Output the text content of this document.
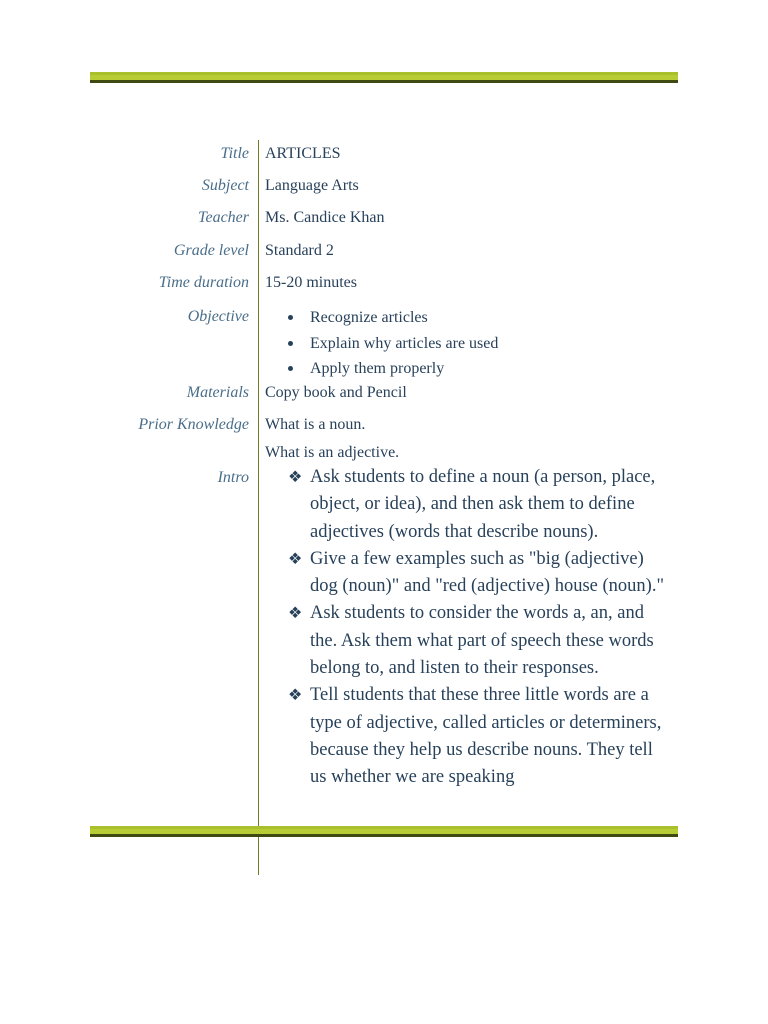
Title
Subject
Teacher
Grade level
Time duration
Objective
Materials
Prior Knowledge
Intro
ARTICLES
Language Arts
Ms. Candice Khan
Standard 2
15-20 minutes
Recognize articles
Explain why articles are used
Apply them properly
Copy book and Pencil
What is a noun.
What is an adjective.
❖ Ask students to define a noun (a person, place, object, or idea), and then ask them to define adjectives (words that describe nouns).
❖ Give a few examples such as "big (adjective) dog (noun)" and "red (adjective) house (noun)."
❖ Ask students to consider the words a, an, and the. Ask them what part of speech these words belong to, and listen to their responses.
❖ Tell students that these three little words are a type of adjective, called articles or determiners, because they help us describe nouns. They tell us whether we are speaking
